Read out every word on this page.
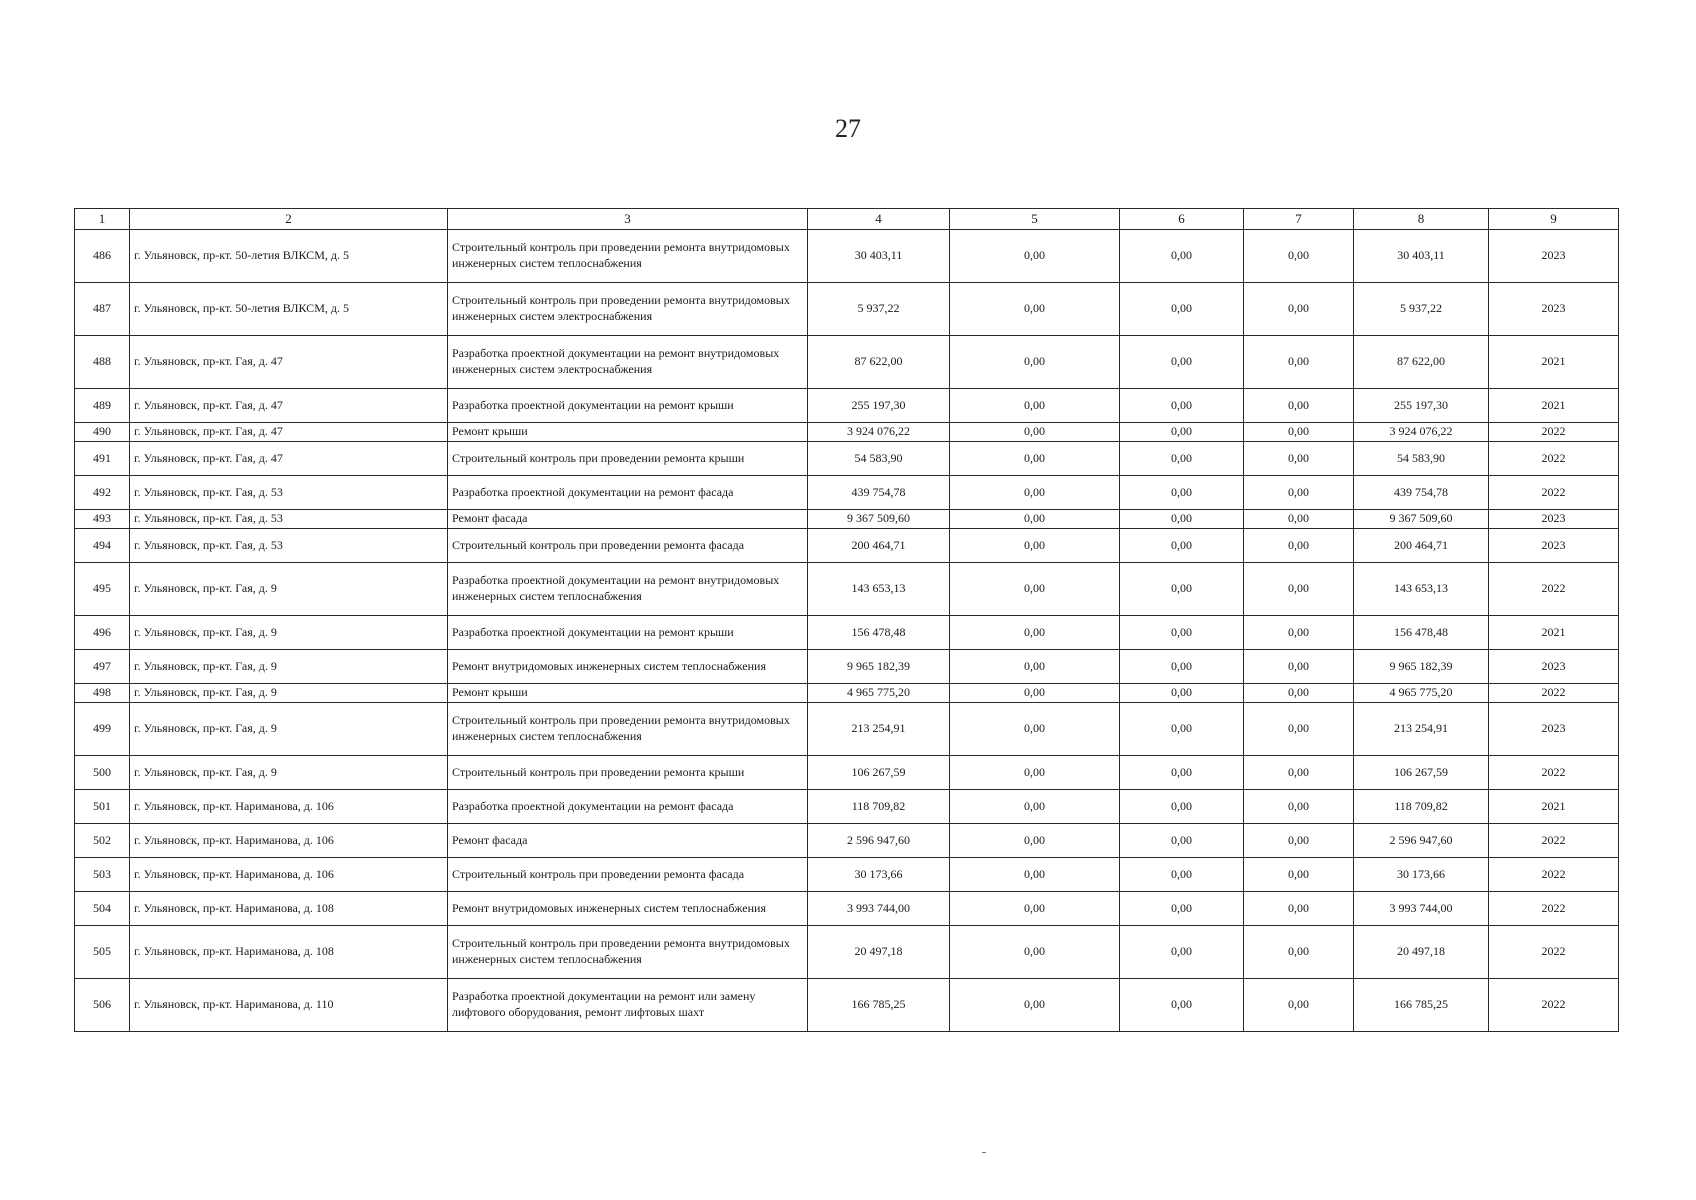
27
1	2	3	4	5	6	7	8	9
486	г. Ульяновск, пр-кт. 50-летия ВЛКСМ, д. 5	Строительный контроль при проведении ремонта внутридомовых инженерных систем теплоснабжения	30 403,11	0,00	0,00	0,00	30 403,11	2023
487	г. Ульяновск, пр-кт. 50-летия ВЛКСМ, д. 5	Строительный контроль при проведении ремонта внутридомовых инженерных систем электроснабжения	5 937,22	0,00	0,00	0,00	5 937,22	2023
488	г. Ульяновск, пр-кт. Гая, д. 47	Разработка проектной документации на ремонт внутридомовых инженерных систем электроснабжения	87 622,00	0,00	0,00	0,00	87 622,00	2021
489	г. Ульяновск, пр-кт. Гая, д. 47	Разработка проектной документации на ремонт крыши	255 197,30	0,00	0,00	0,00	255 197,30	2021
490	г. Ульяновск, пр-кт. Гая, д. 47	Ремонт крыши	3 924 076,22	0,00	0,00	0,00	3 924 076,22	2022
491	г. Ульяновск, пр-кт. Гая, д. 47	Строительный контроль при проведении ремонта крыши	54 583,90	0,00	0,00	0,00	54 583,90	2022
492	г. Ульяновск, пр-кт. Гая, д. 53	Разработка проектной документации на ремонт фасада	439 754,78	0,00	0,00	0,00	439 754,78	2022
493	г. Ульяновск, пр-кт. Гая, д. 53	Ремонт фасада	9 367 509,60	0,00	0,00	0,00	9 367 509,60	2023
494	г. Ульяновск, пр-кт. Гая, д. 53	Строительный контроль при проведении ремонта фасада	200 464,71	0,00	0,00	0,00	200 464,71	2023
495	г. Ульяновск, пр-кт. Гая, д. 9	Разработка проектной документации на ремонт внутридомовых инженерных систем теплоснабжения	143 653,13	0,00	0,00	0,00	143 653,13	2022
496	г. Ульяновск, пр-кт. Гая, д. 9	Разработка проектной документации на ремонт крыши	156 478,48	0,00	0,00	0,00	156 478,48	2021
497	г. Ульяновск, пр-кт. Гая, д. 9	Ремонт внутридомовых инженерных систем теплоснабжения	9 965 182,39	0,00	0,00	0,00	9 965 182,39	2023
498	г. Ульяновск, пр-кт. Гая, д. 9	Ремонт крыши	4 965 775,20	0,00	0,00	0,00	4 965 775,20	2022
499	г. Ульяновск, пр-кт. Гая, д. 9	Строительный контроль при проведении ремонта внутридомовых инженерных систем теплоснабжения	213 254,91	0,00	0,00	0,00	213 254,91	2023
500	г. Ульяновск, пр-кт. Гая, д. 9	Строительный контроль при проведении ремонта крыши	106 267,59	0,00	0,00	0,00	106 267,59	2022
501	г. Ульяновск, пр-кт. Нариманова, д. 106	Разработка проектной документации на ремонт фасада	118 709,82	0,00	0,00	0,00	118 709,82	2021
502	г. Ульяновск, пр-кт. Нариманова, д. 106	Ремонт фасада	2 596 947,60	0,00	0,00	0,00	2 596 947,60	2022
503	г. Ульяновск, пр-кт. Нариманова, д. 106	Строительный контроль при проведении ремонта фасада	30 173,66	0,00	0,00	0,00	30 173,66	2022
504	г. Ульяновск, пр-кт. Нариманова, д. 108	Ремонт внутридомовых инженерных систем теплоснабжения	3 993 744,00	0,00	0,00	0,00	3 993 744,00	2022
505	г. Ульяновск, пр-кт. Нариманова, д. 108	Строительный контроль при проведении ремонта внутридомовых инженерных систем теплоснабжения	20 497,18	0,00	0,00	0,00	20 497,18	2022
506	г. Ульяновск, пр-кт. Нариманова, д. 110	Разработка проектной документации на ремонт или замену лифтового оборудования, ремонт лифтовых шахт	166 785,25	0,00	0,00	0,00	166 785,25	2022
